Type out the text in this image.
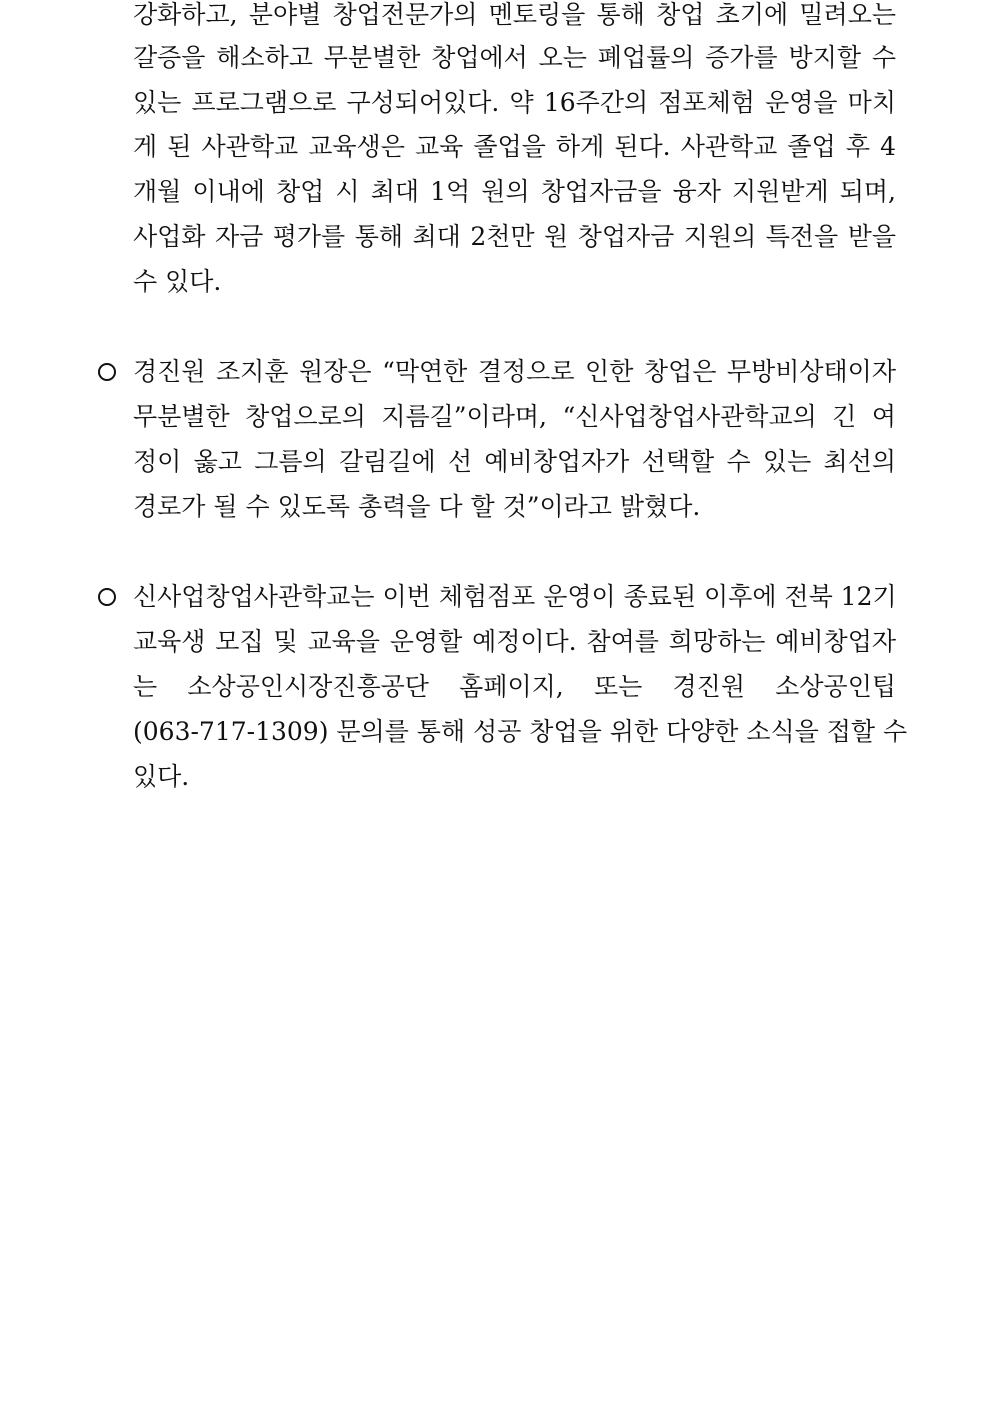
강화하고, 분야별 창업전문가의 멘토링을 통해 창업 초기에 밀려오는
갈증을 해소하고 무분별한 창업에서 오는 폐업률의 증가를 방지할 수
있는 프로그램으로 구성되어있다. 약 16주간의 점포체험 운영을 마치
게 된 사관학교 교육생은 교육 졸업을 하게 된다. 사관학교 졸업 후 4
개월 이내에 창업 시 최대 1억 원의 창업자금을 융자 지원받게 되며,
사업화 자금 평가를 통해 최대 2천만 원 창업자금 지원의 특전을 받을
수 있다.
경진원 조지훈 원장은 “막연한 결정으로 인한 창업은 무방비상태이자
무분별한 창업으로의 지름길”이라며, “신사업창업사관학교의 긴 여
정이 옳고 그름의 갈림길에 선 예비창업자가 선택할 수 있는 최선의
경로가 될 수 있도록 총력을 다 할 것”이라고 밝혔다.
신사업창업사관학교는 이번 체험점포 운영이 종료된 이후에 전북 12기
교육생 모집 및 교육을 운영할 예정이다. 참여를 희망하는 예비창업자
는 소상공인시장진흥공단 홈페이지, 또는 경진원 소상공인팁
(063-717-1309) 문의를 통해 성공 창업을 위한 다양한 소식을 접할 수
있다.
